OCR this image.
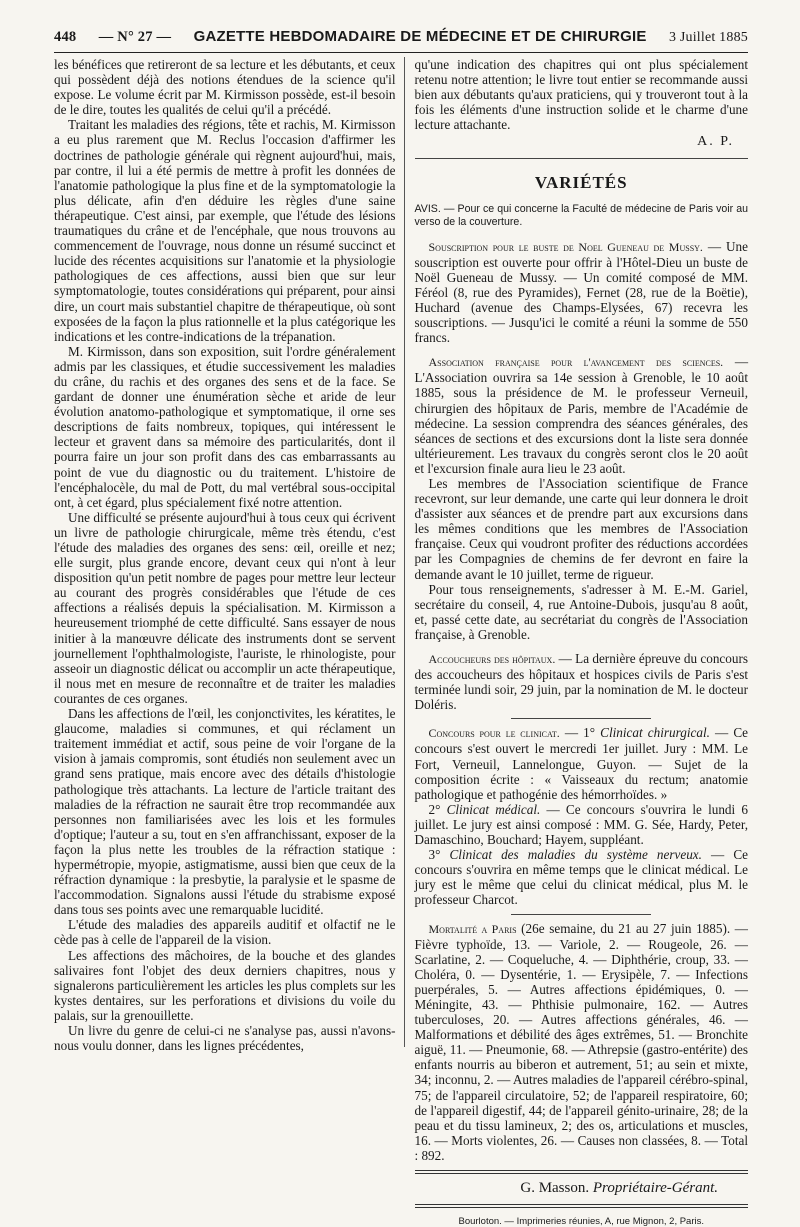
448 — N° 27 — GAZETTE HEBDOMADAIRE DE MÉDECINE ET DE CHIRURGIE 3 Juillet 1885

les bénéfices que retireront de sa lecture et les débutants, et ceux qui possèdent déjà des notions étendues de la science qu'il expose. Le volume écrit par M. Kirmisson possède, est-il besoin de le dire, toutes les qualités de celui qu'il a précédé.

Traitant les maladies des régions, tête et rachis, M. Kirmisson a eu plus rarement que M. Reclus l'occasion d'affirmer les doctrines de pathologie générale qui règnent aujourd'hui, mais, par contre, il lui a été permis de mettre à profit les données de l'anatomie pathologique la plus fine et de la symptomatologie la plus délicate, afin d'en déduire les règles d'une saine thérapeutique. C'est ainsi, par exemple, que l'étude des lésions traumatiques du crâne et de l'encéphale, que nous trouvons au commencement de l'ouvrage, nous donne un résumé succinct et lucide des récentes acquisitions sur l'anatomie et la physiologie pathologiques de ces affections, aussi bien que sur leur symptomatologie, toutes considérations qui préparent, pour ainsi dire, un court mais substantiel chapitre de thérapeutique, où sont exposées de la façon la plus rationnelle et la plus catégorique les indications et les contre-indications de la trépanation.

M. Kirmisson, dans son exposition, suit l'ordre généralement admis par les classiques, et étudie successivement les maladies du crâne, du rachis et des organes des sens et de la face. Se gardant de donner une énumération sèche et aride de leur évolution anatomo-pathologique et symptomatique, il orne ses descriptions de faits nombreux, topiques, qui intéressent le lecteur et gravent dans sa mémoire des particularités, dont il pourra faire un jour son profit dans des cas embarrassants au point de vue du diagnostic ou du traitement. L'histoire de l'encéphalocèle, du mal de Pott, du mal vertébral sous-occipital ont, à cet égard, plus spécialement fixé notre attention.

Une difficulté se présente aujourd'hui à tous ceux qui écrivent un livre de pathologie chirurgicale, même très étendu, c'est l'étude des maladies des organes des sens: œil, oreille et nez; elle surgit, plus grande encore, devant ceux qui n'ont à leur disposition qu'un petit nombre de pages pour mettre leur lecteur au courant des progrès considérables que l'étude de ces affections a réalisés depuis la spécialisation. M. Kirmisson a heureusement triomphé de cette difficulté. Sans essayer de nous initier à la manœuvre délicate des instruments dont se servent journellement l'ophthalmologiste, l'auriste, le rhinologiste, pour asseoir un diagnostic délicat ou accomplir un acte thérapeutique, il nous met en mesure de reconnaître et de traiter les maladies courantes de ces organes.

Dans les affections de l'œil, les conjonctivites, les kératites, le glaucome, maladies si communes, et qui réclament un traitement immédiat et actif, sous peine de voir l'organe de la vision à jamais compromis, sont étudiés non seulement avec un grand sens pratique, mais encore avec des détails d'histologie pathologique très attachants. La lecture de l'article traitant des maladies de la réfraction ne saurait être trop recommandée aux personnes non familiarisées avec les lois et les formules d'optique; l'auteur a su, tout en s'en affranchissant, exposer de la façon la plus nette les troubles de la réfraction statique : hypermétropie, myopie, astigmatisme, aussi bien que ceux de la réfraction dynamique : la presbytie, la paralysie et le spasme de l'accommodation. Signalons aussi l'étude du strabisme exposé dans tous ses points avec une remarquable lucidité.

L'étude des maladies des appareils auditif et olfactif ne le cède pas à celle de l'appareil de la vision.

Les affections des mâchoires, de la bouche et des glandes salivaires font l'objet des deux derniers chapitres, nous y signalerons particulièrement les articles les plus complets sur les kystes dentaires, sur les perforations et divisions du voile du palais, sur la grenouillette.

Un livre du genre de celui-ci ne s'analyse pas, aussi n'avons-nous voulu donner, dans les lignes précédentes,

qu'une indication des chapitres qui ont plus spécialement retenu notre attention; le livre tout entier se recommande aussi bien aux débutants qu'aux praticiens, qui y trouveront tout à la fois les éléments d'une instruction solide et le charme d'une lecture attachante.

A. P.

VARIÉTÉS

AVIS. — Pour ce qui concerne la Faculté de médecine de Paris voir au verso de la couverture.

Souscription pour le buste de Noel Gueneau de Mussy. — Une souscription est ouverte pour offrir à l'Hôtel-Dieu un buste de Noël Gueneau de Mussy. — Un comité composé de MM. Féréol (8, rue des Pyramides), Fernet (28, rue de la Boëtie), Huchard (avenue des Champs-Elysées, 67) recevra les souscriptions. — Jusqu'ici le comité a réuni la somme de 550 francs.

Association française pour l'avancement des sciences. — L'Association ouvrira sa 14e session à Grenoble, le 10 août 1885, sous la présidence de M. le professeur Verneuil, chirurgien des hôpitaux de Paris, membre de l'Académie de médecine. La session comprendra des séances générales, des séances de sections et des excursions dont la liste sera donnée ultérieurement. Les travaux du congrès seront clos le 20 août et l'excursion finale aura lieu le 23 août.

Les membres de l'Association scientifique de France recevront, sur leur demande, une carte qui leur donnera le droit d'assister aux séances et de prendre part aux excursions dans les mêmes conditions que les membres de l'Association française. Ceux qui voudront profiter des réductions accordées par les Compagnies de chemins de fer devront en faire la demande avant le 10 juillet, terme de rigueur.

Pour tous renseignements, s'adresser à M. E.-M. Gariel, secrétaire du conseil, 4, rue Antoine-Dubois, jusqu'au 8 août, et, passé cette date, au secrétariat du congrès de l'Association française, à Grenoble.

Accoucheurs des hôpitaux. — La dernière épreuve du concours des accoucheurs des hôpitaux et hospices civils de Paris s'est terminée lundi soir, 29 juin, par la nomination de M. le docteur Doléris.

Concours pour le clinicat. — 1° Clinicat chirurgical. — Ce concours s'est ouvert le mercredi 1er juillet. Jury : MM. Le Fort, Verneuil, Lannelongue, Guyon. — Sujet de la composition écrite : « Vaisseaux du rectum; anatomie pathologique et pathogénie des hémorrhoïdes. »

2° Clinicat médical. — Ce concours s'ouvrira le lundi 6 juillet. Le jury est ainsi composé : MM. G. Sée, Hardy, Peter, Damaschino, Bouchard; Hayem, suppléant.

3° Clinicat des maladies du système nerveux. — Ce concours s'ouvrira en même temps que le clinicat médical. Le jury est le même que celui du clinicat médical, plus M. le professeur Charcot.

Mortalité a Paris (26e semaine, du 21 au 27 juin 1885). — Fièvre typhoïde, 13. — Variole, 2. — Rougeole, 26. — Scarlatine, 2. — Coqueluche, 4. — Diphthérie, croup, 33. — Choléra, 0. — Dysentérie, 1. — Erysipèle, 7. — Infections puerpérales, 5. — Autres affections épidémiques, 0. — Méningite, 43. — Phthisie pulmonaire, 162. — Autres tuberculoses, 20. — Autres affections générales, 46. — Malformations et débilité des âges extrêmes, 51. — Bronchite aiguë, 11. — Pneumonie, 68. — Athrepsie (gastro-entérite) des enfants nourris au biberon et autrement, 51; au sein et mixte, 34; inconnu, 2. — Autres maladies de l'appareil cérébro-spinal, 75; de l'appareil circulatoire, 52; de l'appareil respiratoire, 60; de l'appareil digestif, 44; de l'appareil génito-urinaire, 28; de la peau et du tissu lamineux, 2; des os, articulations et muscles, 16. — Morts violentes, 26. — Causes non classées, 8. — Total : 892.

G. Masson. Propriétaire-Gérant.
Bourloton. — Imprimeries réunies, A, rue Mignon, 2, Paris.
